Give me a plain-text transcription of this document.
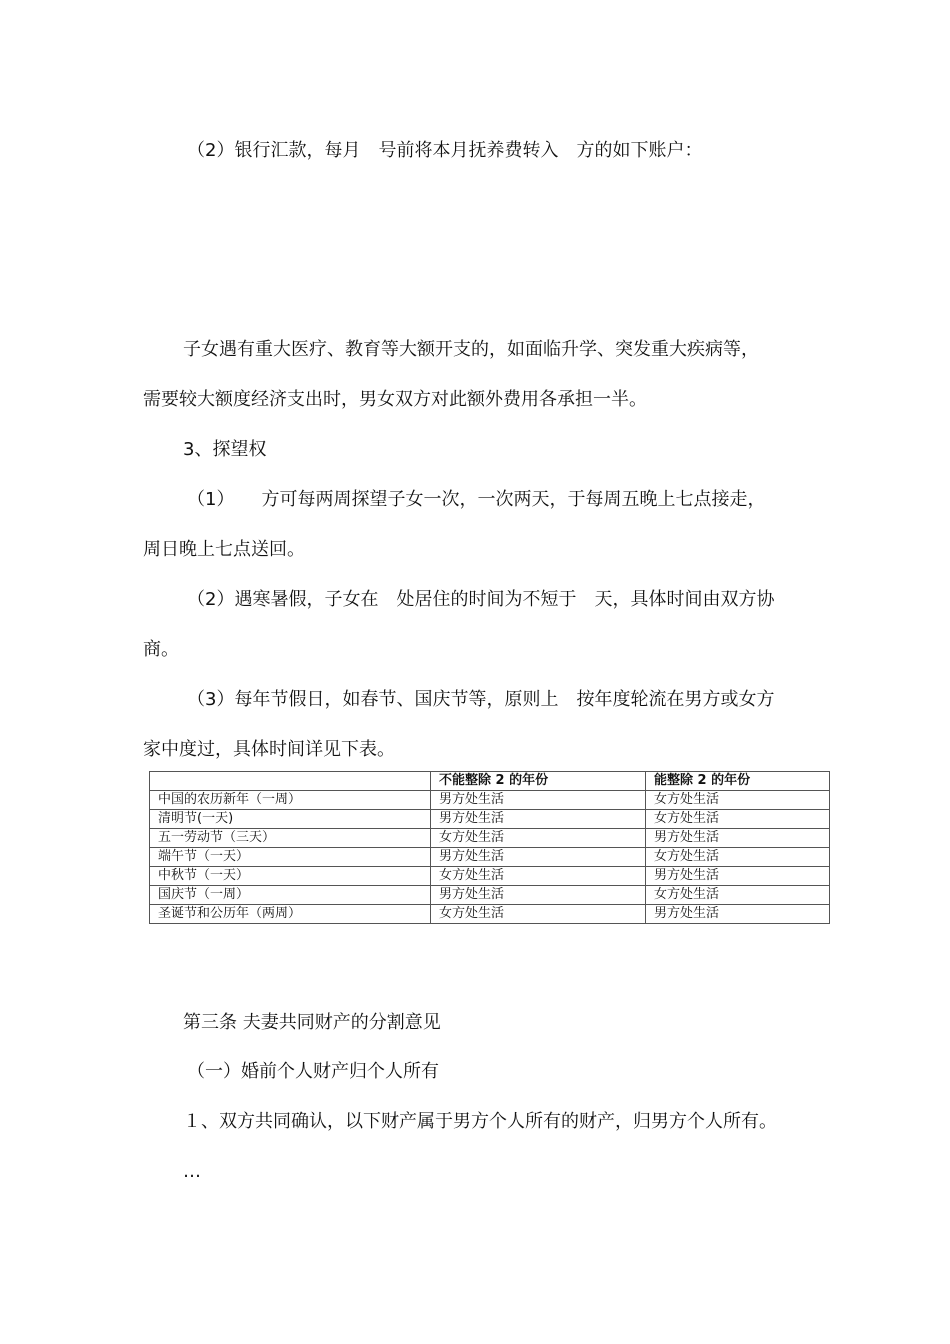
（2）银行汇款，每月　号前将本月抚养费转入　方的如下账户：
子女遇有重大医疗、教育等大额开支的，如面临升学、突发重大疾病等，
需要较大额度经济支出时，男女双方对此额外费用各承担一半。
3、探望权
（1）　　方可每两周探望子女一次，一次两天，于每周五晚上七点接走，
周日晚上七点送回。
（2）遇寒暑假，子女在　处居住的时间为不短于　天，具体时间由双方协
商。
（3）每年节假日，如春节、国庆节等，原则上　按年度轮流在男方或女方
家中度过，具体时间详见下表。
	不能整除 2 的年份	能整除 2 的年份
中国的农历新年（一周）	男方处生活	女方处生活
清明节(一天)	男方处生活	女方处生活
五一劳动节（三天）	女方处生活	男方处生活
端午节（一天）	男方处生活	女方处生活
中秋节（一天）	女方处生活	男方处生活
国庆节（一周）	男方处生活	女方处生活
圣诞节和公历年（两周）	女方处生活	男方处生活
第三条 夫妻共同财产的分割意见
（一）婚前个人财产归个人所有
１、双方共同确认，以下财产属于男方个人所有的财产，归男方个人所有。
…
